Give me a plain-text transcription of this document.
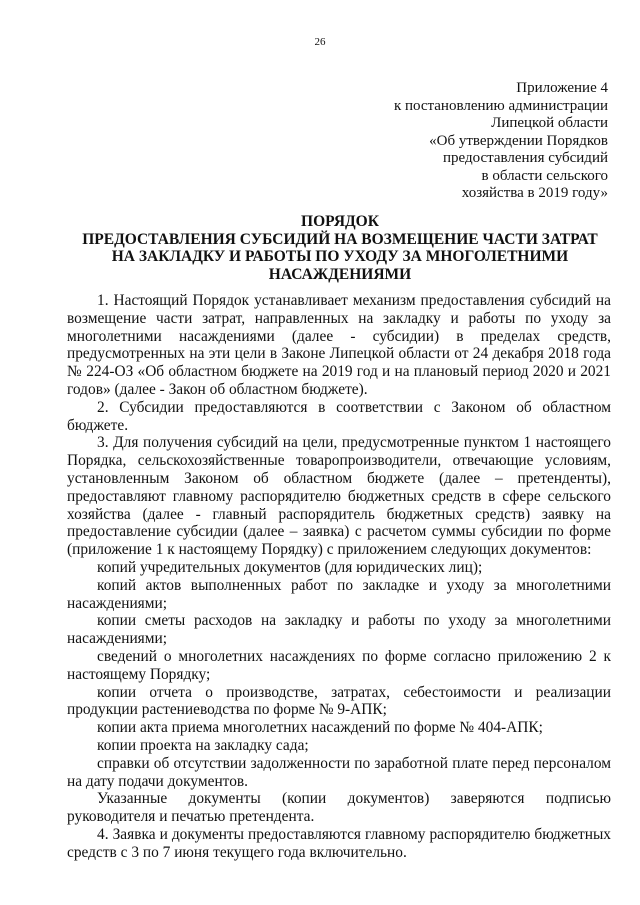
26
Приложение 4
к постановлению администрации
Липецкой области
«Об утверждении Порядков
предоставления субсидий
в области сельского
хозяйства в 2019 году»
ПОРЯДОК
ПРЕДОСТАВЛЕНИЯ СУБСИДИЙ НА ВОЗМЕЩЕНИЕ ЧАСТИ ЗАТРАТ
НА ЗАКЛАДКУ И РАБОТЫ ПО УХОДУ ЗА МНОГОЛЕТНИМИ
НАСАЖДЕНИЯМИ

1. Настоящий Порядок устанавливает механизм предоставления субсидий на возмещение части затрат, направленных на закладку и работы по уходу за многолетними насаждениями (далее - субсидии) в пределах средств, предусмотренных на эти цели в Законе Липецкой области от 24 декабря 2018 года № 224-ОЗ «Об областном бюджете на 2019 год и на плановый период 2020 и 2021 годов» (далее - Закон об областном бюджете).

2. Субсидии предоставляются в соответствии с Законом об областном бюджете.

3. Для получения субсидий на цели, предусмотренные пунктом 1 настоящего Порядка, сельскохозяйственные товаропроизводители, отвечающие условиям, установленным Законом об областном бюджете (далее – претенденты), предоставляют главному распорядителю бюджетных средств в сфере сельского хозяйства (далее - главный распорядитель бюджетных средств) заявку на предоставление субсидии (далее – заявка) с расчетом суммы субсидии по форме (приложение 1 к настоящему Порядку) с приложением следующих документов:

копий учредительных документов (для юридических лиц);

копий актов выполненных работ по закладке и уходу за многолетними насаждениями;

копии сметы расходов на закладку и работы по уходу за многолетними насаждениями;

сведений о многолетних насаждениях по форме согласно приложению 2 к настоящему Порядку;

копии отчета о производстве, затратах, себестоимости и реализации продукции растениеводства по форме № 9-АПК;

копии акта приема многолетних насаждений по форме № 404-АПК;

копии проекта на закладку сада;

справки об отсутствии задолженности по заработной плате перед персоналом на дату подачи документов.

Указанные документы (копии документов) заверяются подписью руководителя и печатью претендента.

4. Заявка и документы предоставляются главному распорядителю бюджетных средств с 3 по 7 июня текущего года включительно.
